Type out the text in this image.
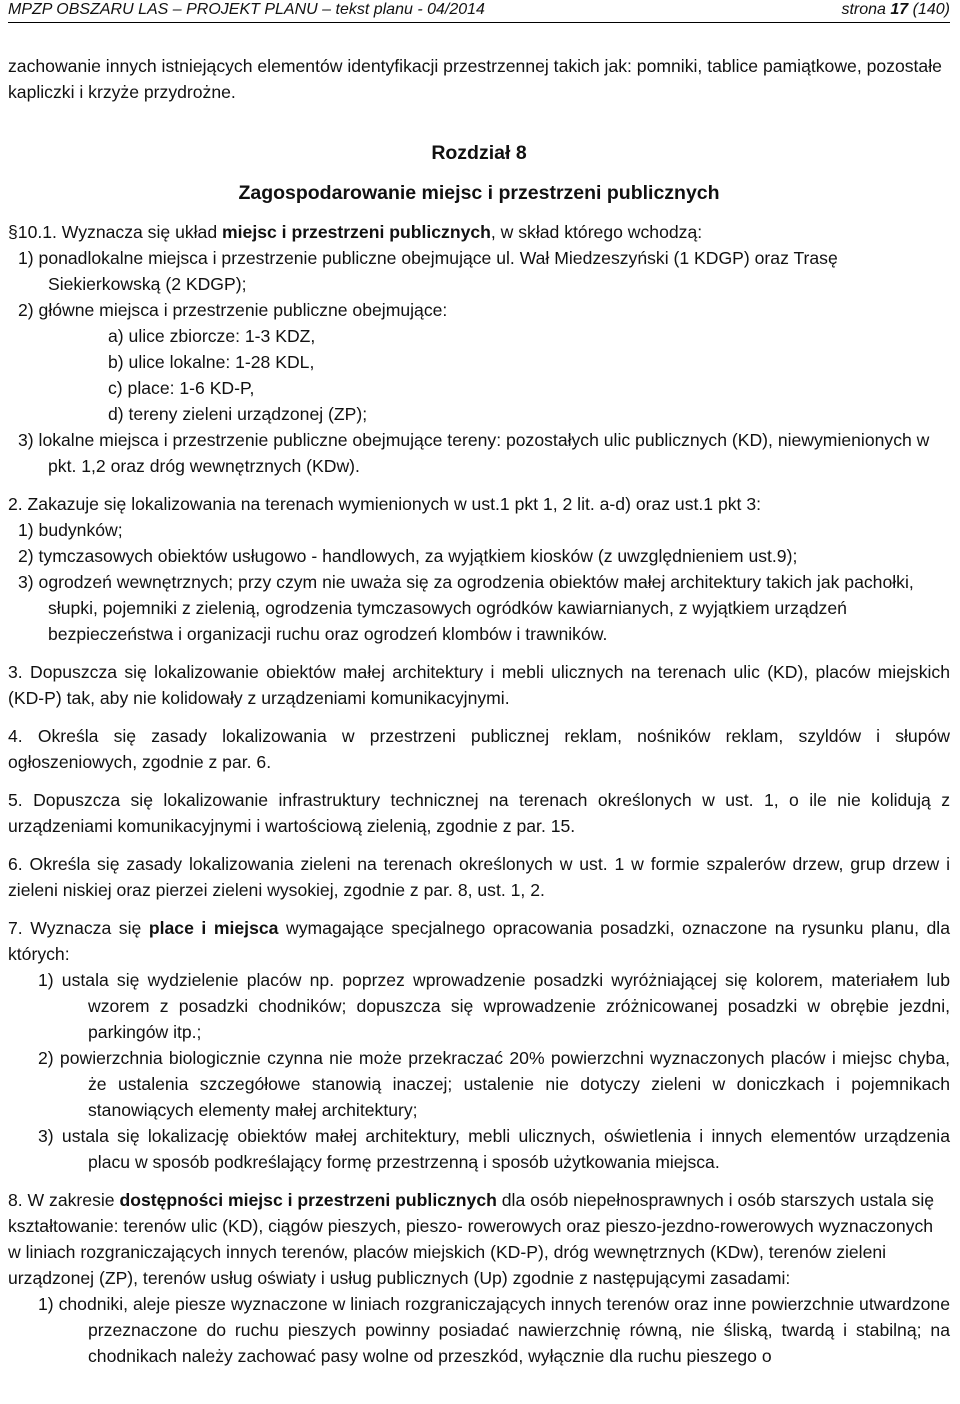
MPZP OBSZARU LAS – PROJEKT PLANU – tekst planu - 04/2014	strona 17 (140)

zachowanie innych istniejących elementów identyfikacji przestrzennej takich jak: pomniki, tablice pamiątkowe, pozostałe kapliczki i krzyże przydrożne.

Rozdział 8

Zagospodarowanie miejsc i przestrzeni publicznych

§10.1. Wyznacza się układ miejsc i przestrzeni publicznych, w skład którego wchodzą:

1) ponadlokalne miejsca i przestrzenie publiczne obejmujące ul. Wał Miedzeszyński (1 KDGP) oraz Trasę Siekierkowską (2 KDGP);

2) główne miejsca i przestrzenie publiczne obejmujące:

a) ulice zbiorcze: 1-3 KDZ,

b) ulice lokalne: 1-28 KDL,

c) place: 1-6 KD-P,

d) tereny zieleni urządzonej (ZP);

3) lokalne miejsca i przestrzenie publiczne obejmujące tereny: pozostałych ulic publicznych (KD), niewymienionych w pkt. 1,2 oraz dróg wewnętrznych (KDw).

2. Zakazuje się lokalizowania na terenach wymienionych w ust.1 pkt 1, 2 lit. a-d) oraz ust.1 pkt 3:

1) budynków;

2) tymczasowych obiektów usługowo - handlowych, za wyjątkiem kiosków (z uwzględnieniem ust.9);

3) ogrodzeń wewnętrznych; przy czym nie uważa się za ogrodzenia obiektów małej architektury takich jak pachołki, słupki, pojemniki z zielenią, ogrodzenia tymczasowych ogródków kawiarnianych, z wyjątkiem urządzeń bezpieczeństwa i organizacji ruchu oraz ogrodzeń klombów i trawników.

3. Dopuszcza się lokalizowanie obiektów małej architektury i mebli ulicznych na terenach ulic (KD), placów miejskich (KD-P) tak, aby nie kolidowały z urządzeniami komunikacyjnymi.

4. Określa się zasady lokalizowania w przestrzeni publicznej reklam, nośników reklam, szyldów i słupów ogłoszeniowych, zgodnie z par. 6.

5. Dopuszcza się lokalizowanie infrastruktury technicznej na terenach określonych w ust. 1, o ile nie kolidują z urządzeniami komunikacyjnymi i wartościową zielenią, zgodnie z par. 15.

6. Określa się zasady lokalizowania zieleni na terenach określonych w ust. 1 w formie szpalerów drzew, grup drzew i zieleni niskiej oraz pierzei zieleni wysokiej, zgodnie z par. 8, ust. 1, 2.

7. Wyznacza się place i miejsca wymagające specjalnego opracowania posadzki, oznaczone na rysunku planu, dla których:

1) ustala się wydzielenie placów np. poprzez wprowadzenie posadzki wyróżniającej się kolorem, materiałem lub wzorem z posadzki chodników; dopuszcza się wprowadzenie zróżnicowanej posadzki w obrębie jezdni, parkingów itp.;

2) powierzchnia biologicznie czynna nie może przekraczać 20% powierzchni wyznaczonych placów i miejsc chyba, że ustalenia szczegółowe stanowią inaczej; ustalenie nie dotyczy zieleni w doniczkach i pojemnikach stanowiących elementy małej architektury;

3) ustala się lokalizację obiektów małej architektury, mebli ulicznych, oświetlenia i innych elementów urządzenia placu w sposób podkreślający formę przestrzenną i sposób użytkowania miejsca.

8. W zakresie dostępności miejsc i przestrzeni publicznych dla osób niepełnosprawnych i osób starszych ustala się kształtowanie: terenów ulic (KD), ciągów pieszych, pieszo- rowerowych oraz pieszo-jezdno-rowerowych wyznaczonych w liniach rozgraniczających innych terenów, placów miejskich (KD-P), dróg wewnętrznych (KDw), terenów zieleni urządzonej (ZP), terenów usług oświaty i usług publicznych (Up) zgodnie z następującymi zasadami:

1) chodniki, aleje piesze wyznaczone w liniach rozgraniczających innych terenów oraz inne powierzchnie utwardzone przeznaczone do ruchu pieszych powinny posiadać nawierzchnię równą, nie śliską, twardą i stabilną; na chodnikach należy zachować pasy wolne od przeszkód, wyłącznie dla ruchu pieszego o
